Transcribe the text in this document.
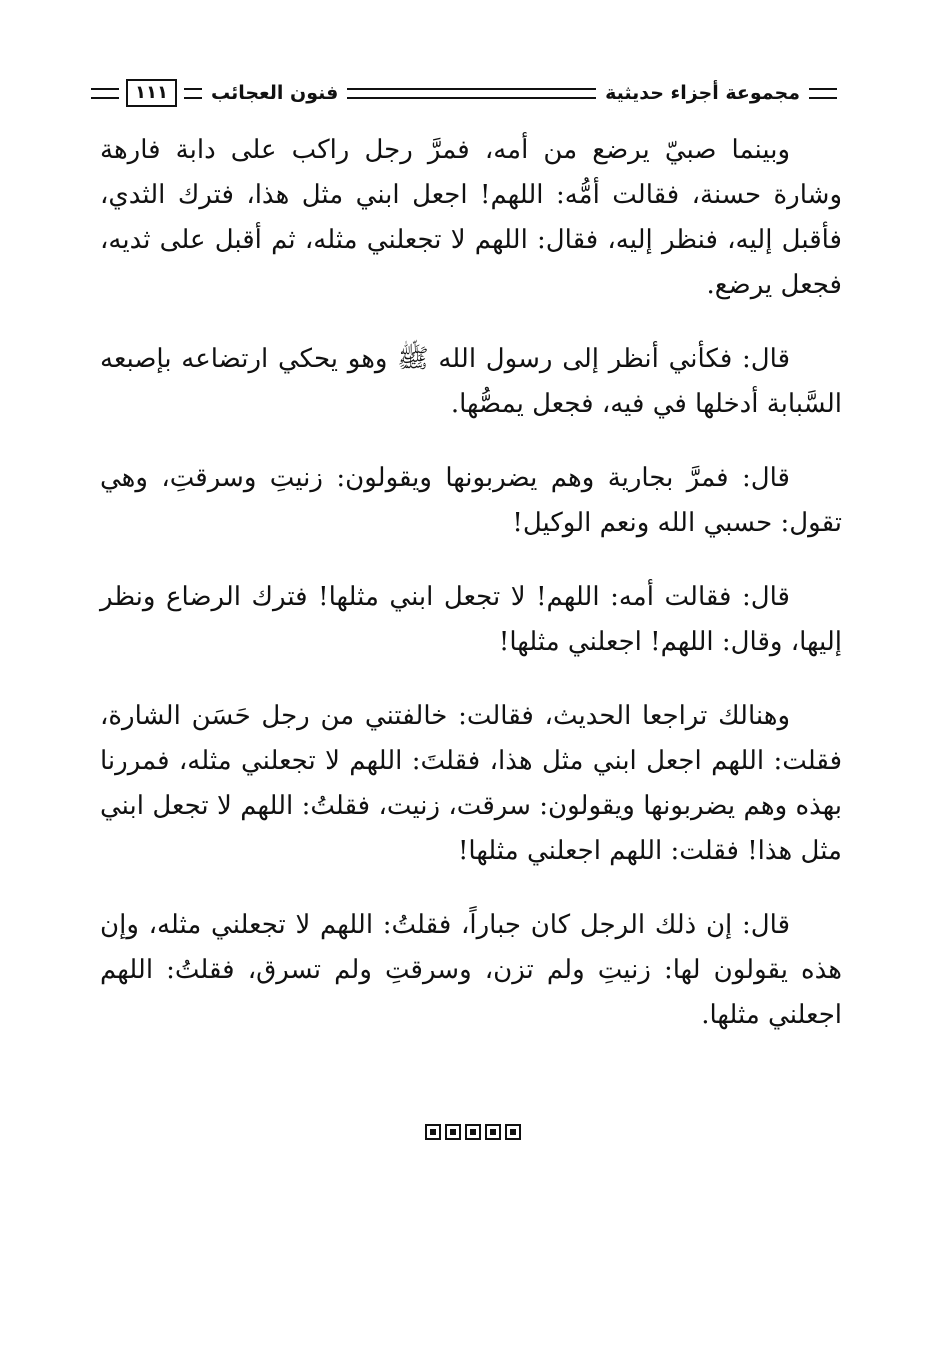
مجموعة أجزاء حديثية
فنون العجائب
١١١

وبينما صبيّ يرضع من أمه، فمرَّ رجل راكب على دابة فارهة وشارة حسنة، فقالت أمُّه: اللهم! اجعل ابني مثل هذا، فترك الثدي، فأقبل إليه، فنظر إليه، فقال: اللهم لا تجعلني مثله، ثم أقبل على ثديه، فجعل يرضع.

قال: فكأني أنظر إلى رسول الله ﷺ وهو يحكي ارتضاعه بإصبعه السَّبابة أدخلها في فيه، فجعل يمصُّها.

قال: فمرَّ بجارية وهم يضربونها ويقولون: زنيتِ وسرقتِ، وهي تقول: حسبي الله ونعم الوكيل!

قال: فقالت أمه: اللهم! لا تجعل ابني مثلها! فترك الرضاع ونظر إليها، وقال: اللهم! اجعلني مثلها!

وهنالك تراجعا الحديث، فقالت: خالفتني من رجل حَسَن الشارة، فقلت: اللهم اجعل ابني مثل هذا، فقلتَ: اللهم لا تجعلني مثله، فمررنا بهذه وهم يضربونها ويقولون: سرقت، زنيت، فقلتُ: اللهم لا تجعل ابني مثل هذا! فقلت: اللهم اجعلني مثلها!

قال: إن ذلك الرجل كان جباراً، فقلتُ: اللهم لا تجعلني مثله، وإن هذه يقولون لها: زنيتِ ولم تزن، وسرقتِ ولم تسرق، فقلتُ: اللهم اجعلني مثلها.
